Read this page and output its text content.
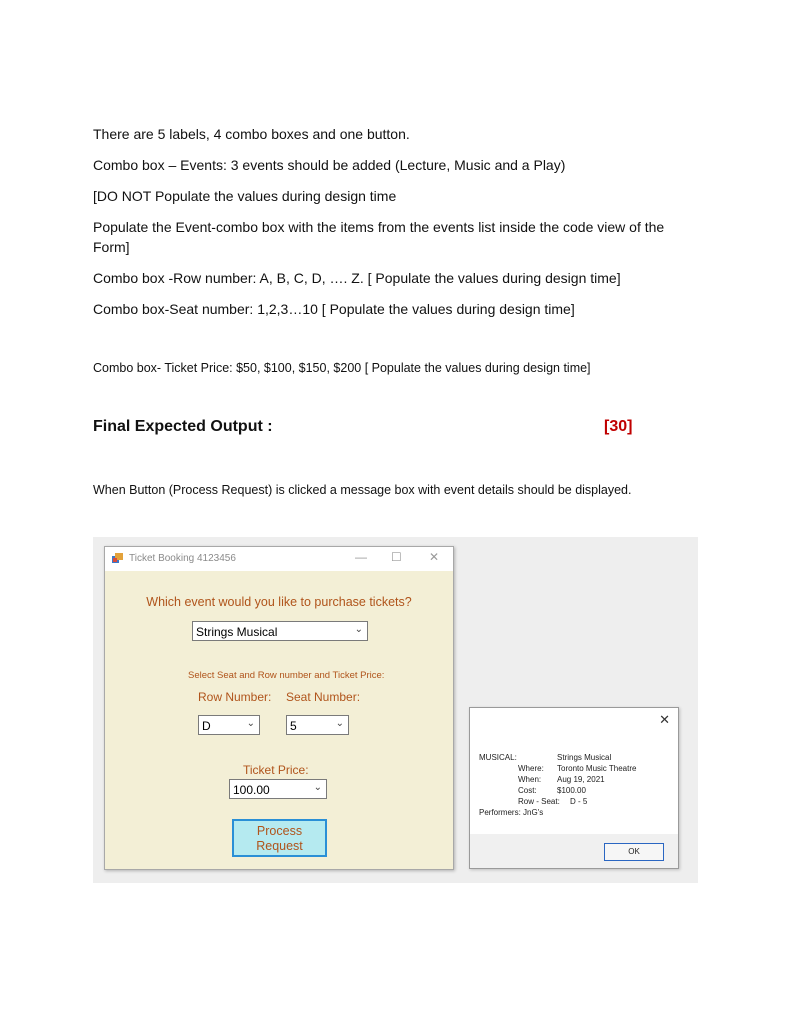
There are 5 labels, 4 combo boxes and one button.
Combo box – Events: 3 events should be added (Lecture, Music and a Play)
[DO NOT Populate the values during design time
Populate the Event-combo box with the items from the events list inside the code view of the Form]
Combo box -Row number: A, B, C, D, …. Z. [ Populate the values during design time]
Combo box-Seat number: 1,2,3…10 [ Populate the values during design time]
Combo box- Ticket Price: $50, $100, $150, $200 [ Populate the values during design time]
Final Expected Output :	[30]
When Button (Process Request) is clicked a message box with event details should be displayed.
Ticket Booking 4123456	— ☐ ✕
Which event would you like to purchase tickets?
Strings Musical	⌄
Select Seat and Row number and Ticket Price:
Row Number: Seat Number:
D	⌄	5	⌄
Ticket Price:
100.00	⌄
Process
Request
✕
MUSICAL:	Strings Musical
Where: Toronto Music Theatre
When: Aug 19, 2021
Cost:	$100.00
Row - Seat: D - 5
Performers: JnG's
OK
